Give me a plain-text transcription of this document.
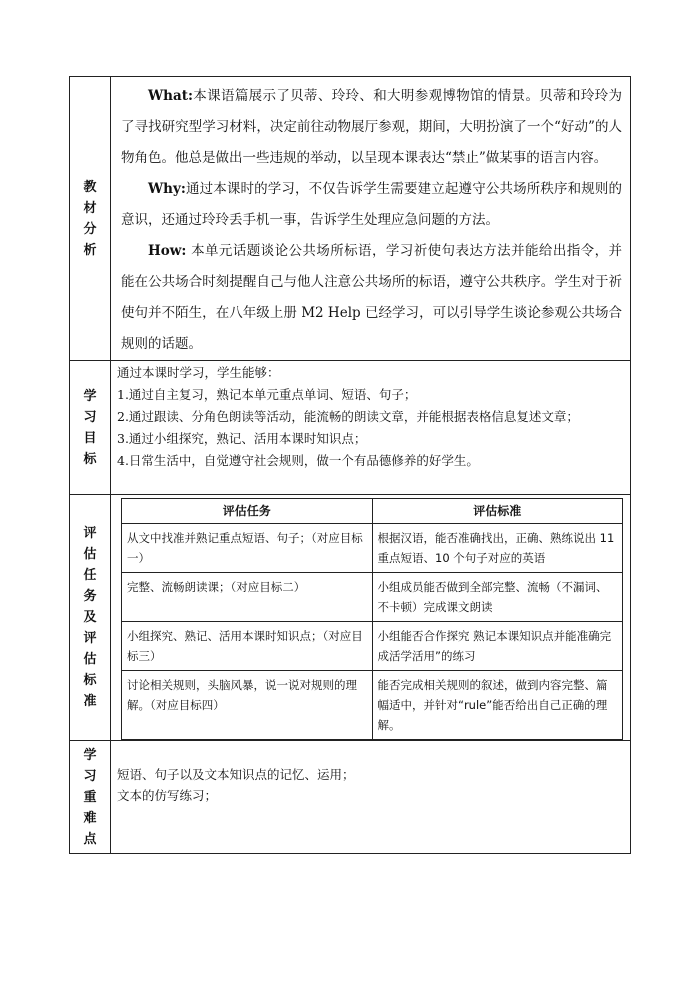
教
材
分
析

What:本课语篇展示了贝蒂、玲玲、和大明参观博物馆的情景。贝蒂和玲玲为了寻找研究型学习材料，决定前往动物展厅参观，期间，大明扮演了一个“好动”的人物角色。他总是做出一些违规的举动，以呈现本课表达“禁止”做某事的语言内容。

Why:通过本课时的学习，不仅告诉学生需要建立起遵守公共场所秩序和规则的意识，还通过玲玲丢手机一事，告诉学生处理应急问题的方法。

How: 本单元话题谈论公共场所标语，学习祈使句表达方法并能给出指令，并能在公共场合时刻提醒自己与他人注意公共场所的标语，遵守公共秩序。学生对于祈使句并不陌生，在八年级上册 M2 Help 已经学习，可以引导学生谈论参观公共场合规则的话题。

学
习
目
标

通过本课时学习，学生能够：
1.通过自主复习，熟记本单元重点单词、短语、句子；
2.通过跟读、分角色朗读等活动，能流畅的朗读文章，并能根据表格信息复述文章；
3.通过小组探究，熟记、活用本课时知识点；
4.日常生活中，自觉遵守社会规则，做一个有品德修养的好学生。

评
估
任
务
及
评
估
标
准

评估任务	评估标准
从文中找准并熟记重点短语、句子；（对应目标一）	根据汉语，能否准确找出，正确、熟练说出 11 重点短语、10 个句子对应的英语
完整、流畅朗读课；（对应目标二）	小组成员能否做到全部完整、流畅（不漏词、不卡顿）完成课文朗读
小组探究、熟记、活用本课时知识点；（对应目标三）	小组能否合作探究 熟记本课知识点并能准确完成活学活用”的练习
讨论相关规则，头脑风暴，说一说对规则的理解。（对应目标四）	能否完成相关规则的叙述，做到内容完整、篇幅适中，并针对“rule”能否给出自己正确的理解。

学
习
重
难
点

短语、句子以及文本知识点的记忆、运用；
文本的仿写练习；
